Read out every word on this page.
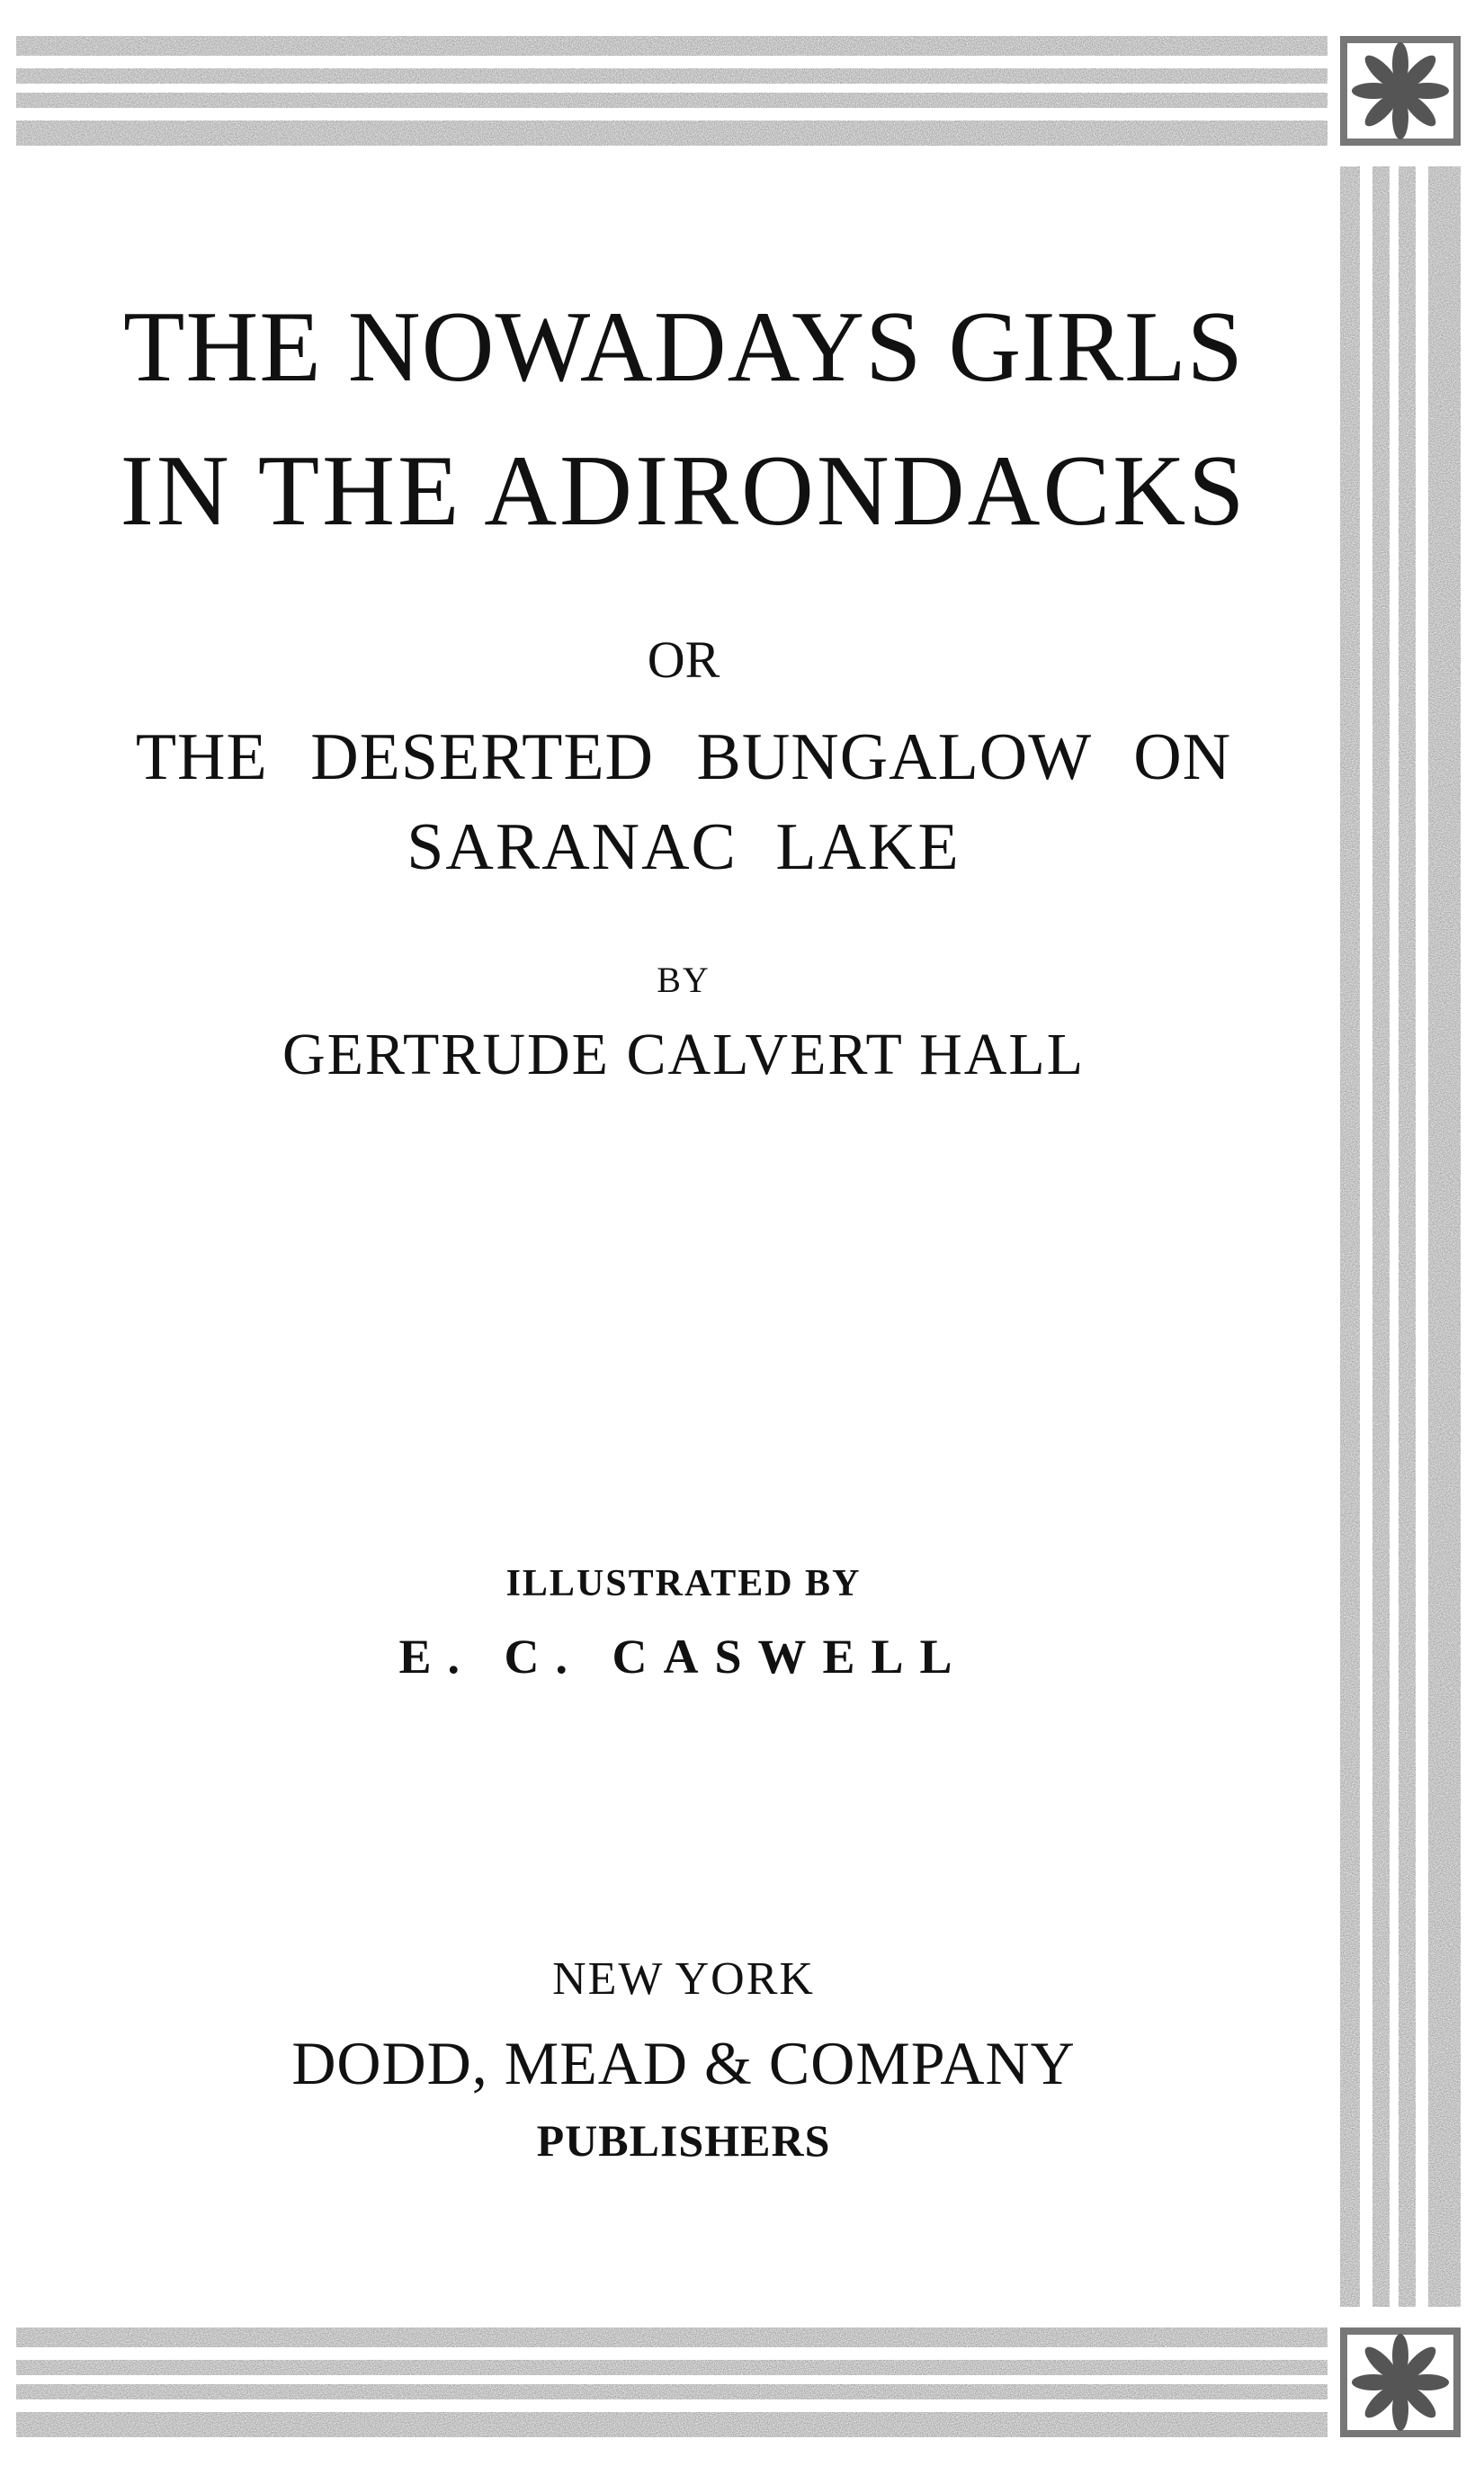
THE NOWADAYS GIRLS
IN THE ADIRONDACKS

OR

THE DESERTED BUNGALOW ON
SARANAC LAKE

BY

GERTRUDE CALVERT HALL

ILLUSTRATED BY

E. C. CASWELL

NEW YORK

DODD, MEAD & COMPANY

PUBLISHERS
